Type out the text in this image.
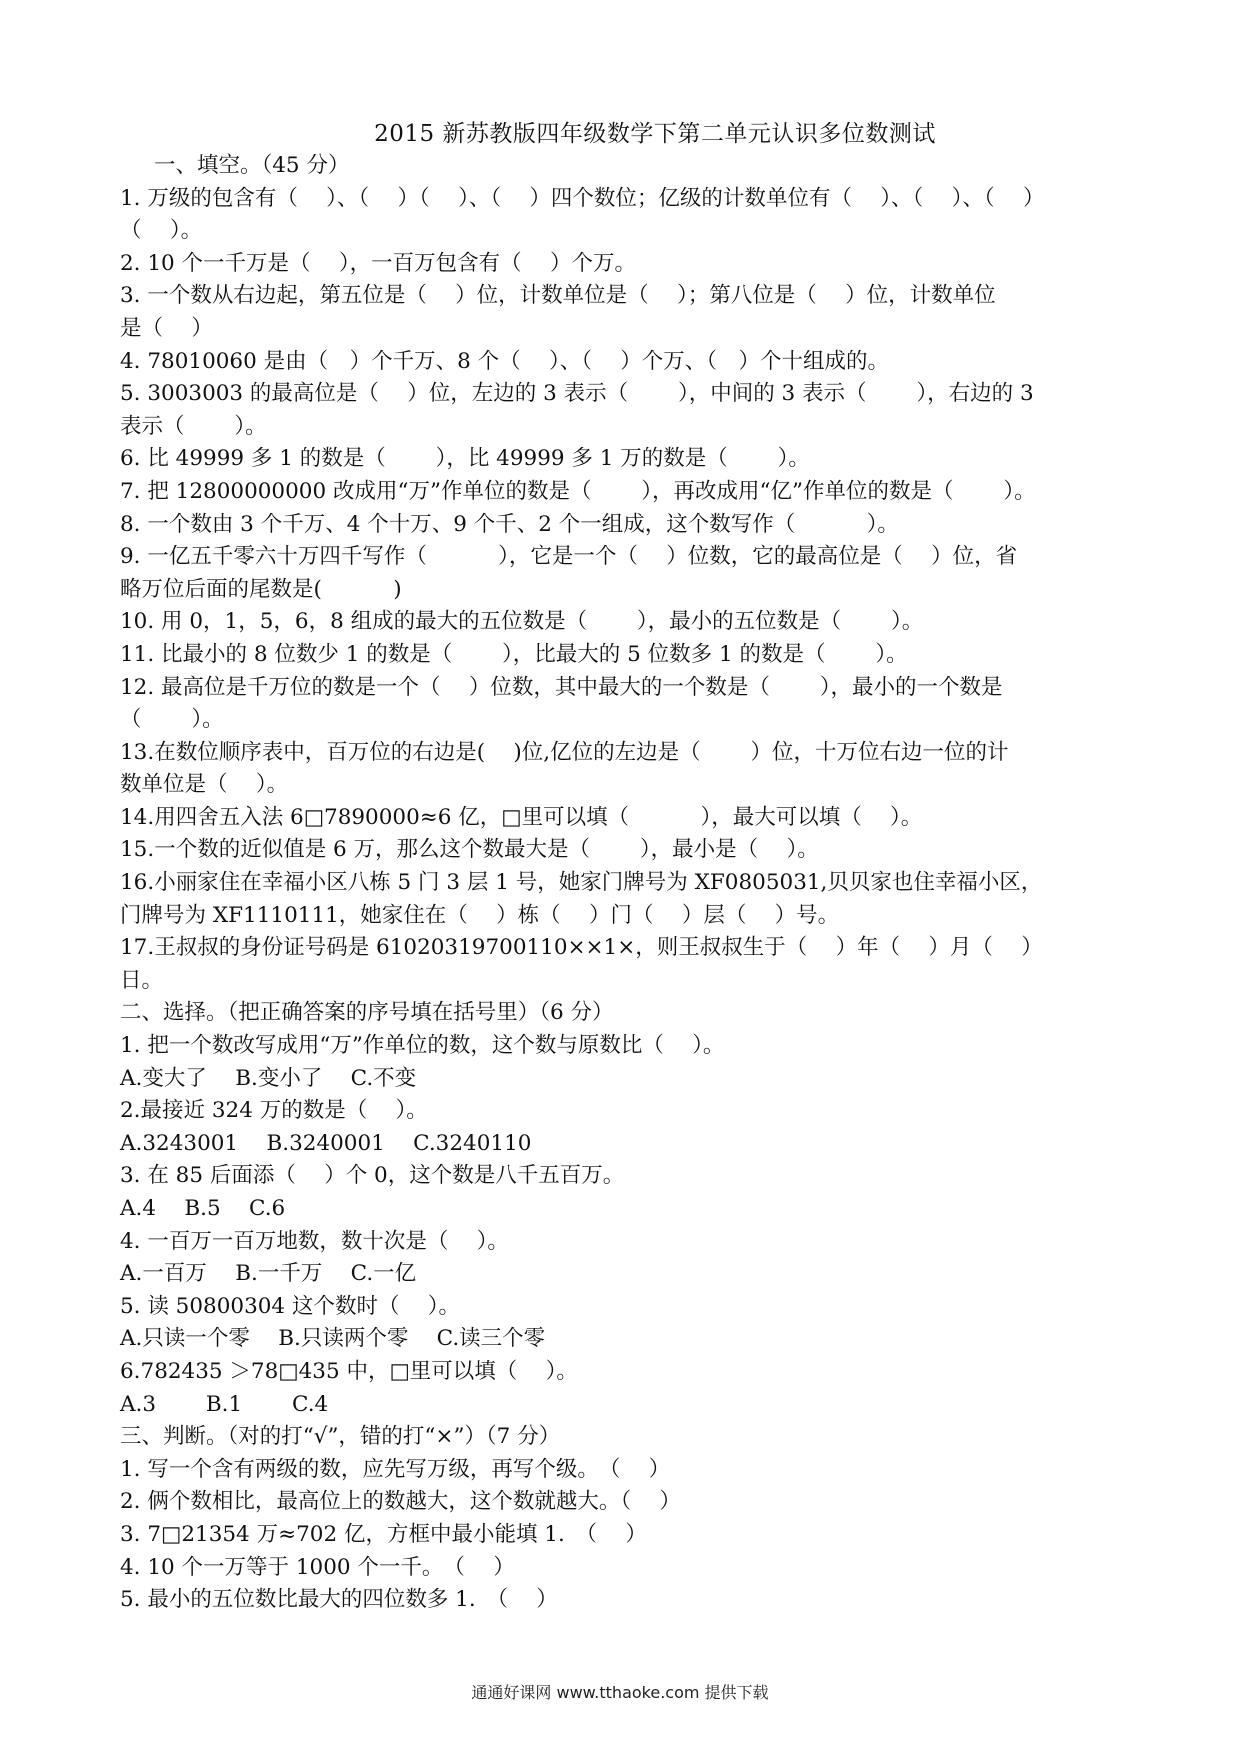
2015 新苏教版四年级数学下第二单元认识多位数测试

一、填空。（45 分）

1. 万级的包含有（　 ）、（　 ）（　 ）、（　 ）四个数位；亿级的计数单位有（　 ）、（　 ）、（　 ）

（　 ）。

2. 10 个一千万是（　 ），一百万包含有（　 ）个万。

3. 一个数从右边起，第五位是（　 ）位，计数单位是（　 ）；第八位是（　 ）位，计数单位

是（　 ）

4. 78010060 是由（　）个千万、8 个（　 ）、（　 ）个万、（　）个十组成的。

5. 3003003 的最高位是（　 ）位，左边的 3 表示（　　 ），中间的 3 表示（　　 ），右边的 3

表示（　　 ）。

6. 比 49999 多 1 的数是（　　 ），比 49999 多 1 万的数是（　　 ）。

7. 把 12800000000 改成用“万”作单位的数是（　　 ），再改成用“亿”作单位的数是（　　 ）。

8. 一个数由 3 个千万、4 个十万、9 个千、2 个一组成，这个数写作（　　　 ）。

9. 一亿五千零六十万四千写作（　　　 ），它是一个（　 ）位数，它的最高位是（　 ）位，省

略万位后面的尾数是(　　　 )

10. 用 0，1，5，6，8 组成的最大的五位数是（　　 ），最小的五位数是（　　 ）。

11. 比最小的 8 位数少 1 的数是（　　 ），比最大的 5 位数多 1 的数是（　　 ）。

12. 最高位是千万位的数是一个（　 ）位数，其中最大的一个数是（　　 ），最小的一个数是

（　　 ）。

13.在数位顺序表中，百万位的右边是(　 )位,亿位的左边是（　　 ）位，十万位右边一位的计

数单位是（　 ）。

14.用四舍五入法 6□7890000≈6 亿，□里可以填（　　　 ），最大可以填（　 ）。

15.一个数的近似值是 6 万，那么这个数最大是（　　 ），最小是（　 ）。

16.小丽家住在幸福小区八栋 5 门 3 层 1 号，她家门牌号为 XF0805031,贝贝家也住幸福小区，

门牌号为 XF1110111，她家住在（　 ）栋（　 ）门（　 ）层（　 ）号。

17.王叔叔的身份证号码是 61020319700110××1×，则王叔叔生于（　 ）年（　 ）月（　 ）

日。

二、选择。（把正确答案的序号填在括号里）（6 分）

1. 把一个数改写成用“万”作单位的数，这个数与原数比（　 ）。

A.变大了　 B.变小了　 C.不变

2.最接近 324 万的数是（　 ）。

A.3243001　 B.3240001　 C.3240110

3. 在 85 后面添（　 ）个 0，这个数是八千五百万。

A.4　 B.5　 C.6

4. 一百万一百万地数，数十次是（　 ）。

A.一百万　 B.一千万　 C.一亿

5. 读 50800304 这个数时（　 ）。

A.只读一个零　 B.只读两个零　 C.读三个零

6.782435 ＞78□435 中，□里可以填（　 ）。

A.3　　 B.1　　 C.4

三、判断。（对的打“√”，错的打“×”）（7 分）

1. 写一个含有两级的数，应先写万级，再写个级。　（　 ）

2. 俩个数相比，最高位上的数越大，这个数就越大。（　 ）

3. 7□21354 万≈702 亿，方框中最小能填 1.　（　 ）

4. 10 个一万等于 1000 个一千。　（　 ）

5. 最小的五位数比最大的四位数多 1.　（　 ）

通通好课网 www.tthaoke.com 提供下载
